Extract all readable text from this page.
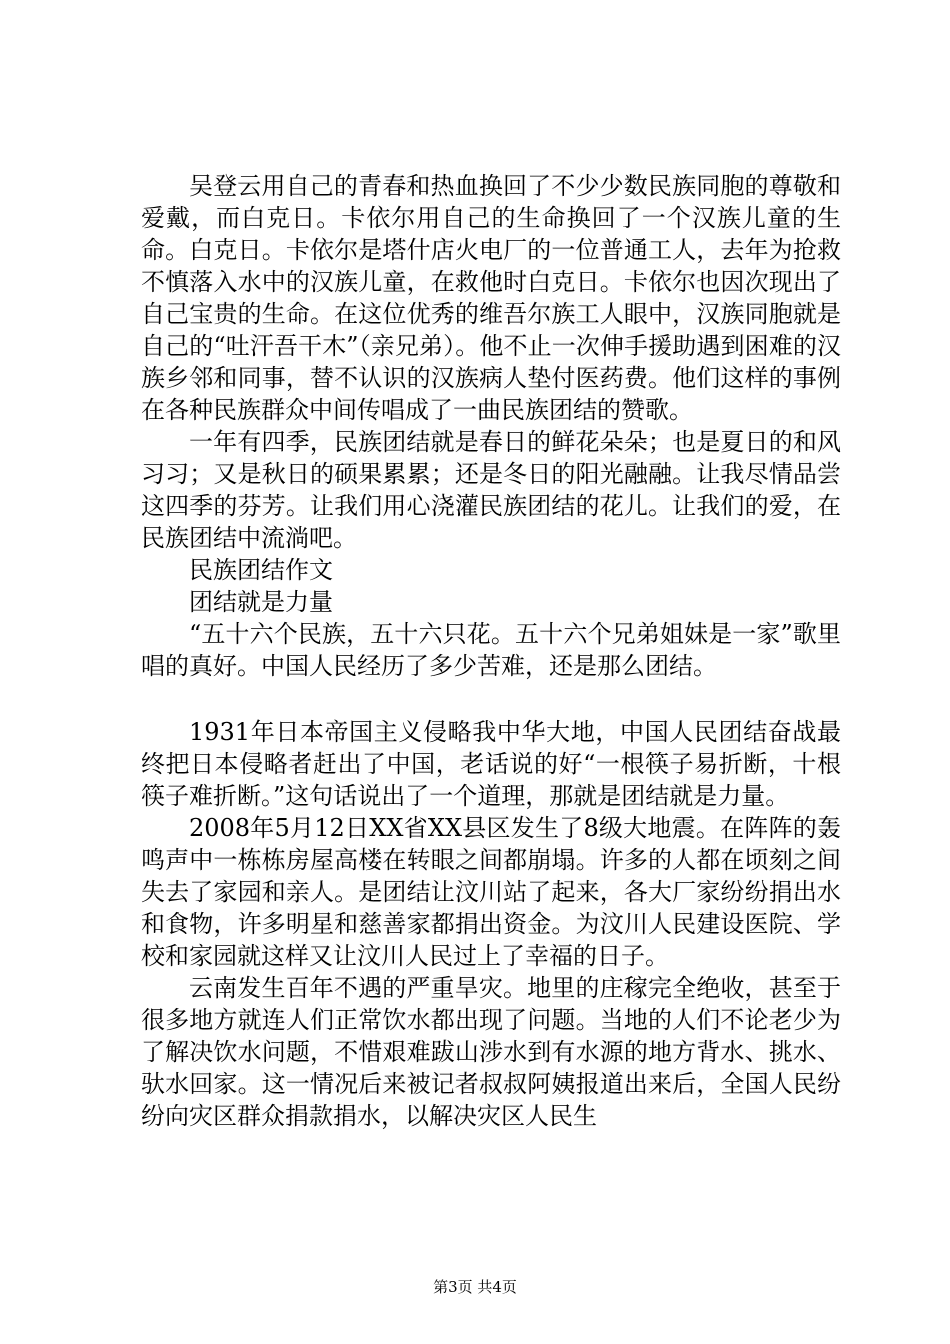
吴登云用自己的青春和热血换回了不少少数民族同胞的尊敬和爱戴，而白克日。卡依尔用自己的生命换回了一个汉族儿童的生命。白克日。卡依尔是塔什店火电厂的一位普通工人，去年为抢救不慎落入水中的汉族儿童，在救他时白克日。卡依尔也因次现出了自己宝贵的生命。在这位优秀的维吾尔族工人眼中，汉族同胞就是自己的“吐汗吾干木”（亲兄弟）。他不止一次伸手援助遇到困难的汉族乡邻和同事，替不认识的汉族病人垫付医药费。他们这样的事例在各种民族群众中间传唱成了一曲民族团结的赞歌。

一年有四季，民族团结就是春日的鲜花朵朵；也是夏日的和风习习；又是秋日的硕果累累；还是冬日的阳光融融。让我尽情品尝这四季的芬芳。让我们用心浇灌民族团结的花儿。让我们的爱，在民族团结中流淌吧。

民族团结作文

团结就是力量

“五十六个民族，五十六只花。五十六个兄弟姐妹是一家”歌里唱的真好。中国人民经历了多少苦难，还是那么团结。

1931年日本帝国主义侵略我中华大地，中国人民团结奋战最终把日本侵略者赶出了中国，老话说的好“一根筷子易折断，十根筷子难折断。”这句话说出了一个道理，那就是团结就是力量。

2008年5月12日XX省XX县区发生了8级大地震。在阵阵的轰鸣声中一栋栋房屋高楼在转眼之间都崩塌。许多的人都在顷刻之间失去了家园和亲人。是团结让汶川站了起来，各大厂家纷纷捐出水和食物，许多明星和慈善家都捐出资金。为汶川人民建设医院、学校和家园就这样又让汶川人民过上了幸福的日子。

云南发生百年不遇的严重旱灾。地里的庄稼完全绝收，甚至于很多地方就连人们正常饮水都出现了问题。当地的人们不论老少为了解决饮水问题，不惜艰难跋山涉水到有水源的地方背水、挑水、驮水回家。这一情况后来被记者叔叔阿姨报道出来后，全国人民纷纷向灾区群众捐款捐水，以解决灾区人民生

第3页 共4页
